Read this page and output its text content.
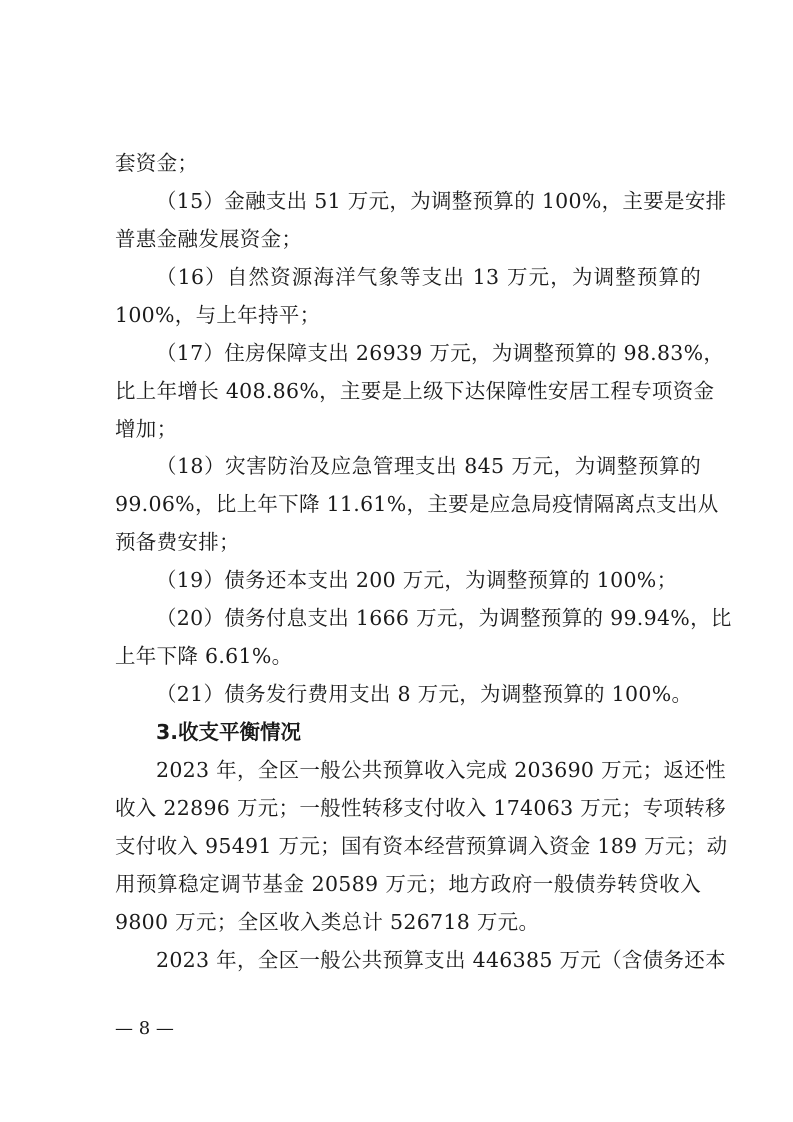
套资金；
（15）金融支出 51 万元，为调整预算的 100%，主要是安排
普惠金融发展资金；
（16）自然资源海洋气象等支出 13 万元，为调整预算的
100%，与上年持平；
（17）住房保障支出 26939 万元，为调整预算的 98.83%，
比上年增长 408.86%，主要是上级下达保障性安居工程专项资金
增加；
（18）灾害防治及应急管理支出 845 万元，为调整预算的
99.06%，比上年下降 11.61%，主要是应急局疫情隔离点支出从
预备费安排；
（19）债务还本支出 200 万元，为调整预算的 100%；
（20）债务付息支出 1666 万元，为调整预算的 99.94%，比
上年下降 6.61%。
（21）债务发行费用支出 8 万元，为调整预算的 100%。
3.收支平衡情况
2023 年，全区一般公共预算收入完成 203690 万元；返还性
收入 22896 万元；一般性转移支付收入 174063 万元；专项转移
支付收入 95491 万元；国有资本经营预算调入资金 189 万元；动
用预算稳定调节基金 20589 万元；地方政府一般债券转贷收入
9800 万元；全区收入类总计 526718 万元。
2023 年，全区一般公共预算支出 446385 万元（含债务还本
— 8 —
